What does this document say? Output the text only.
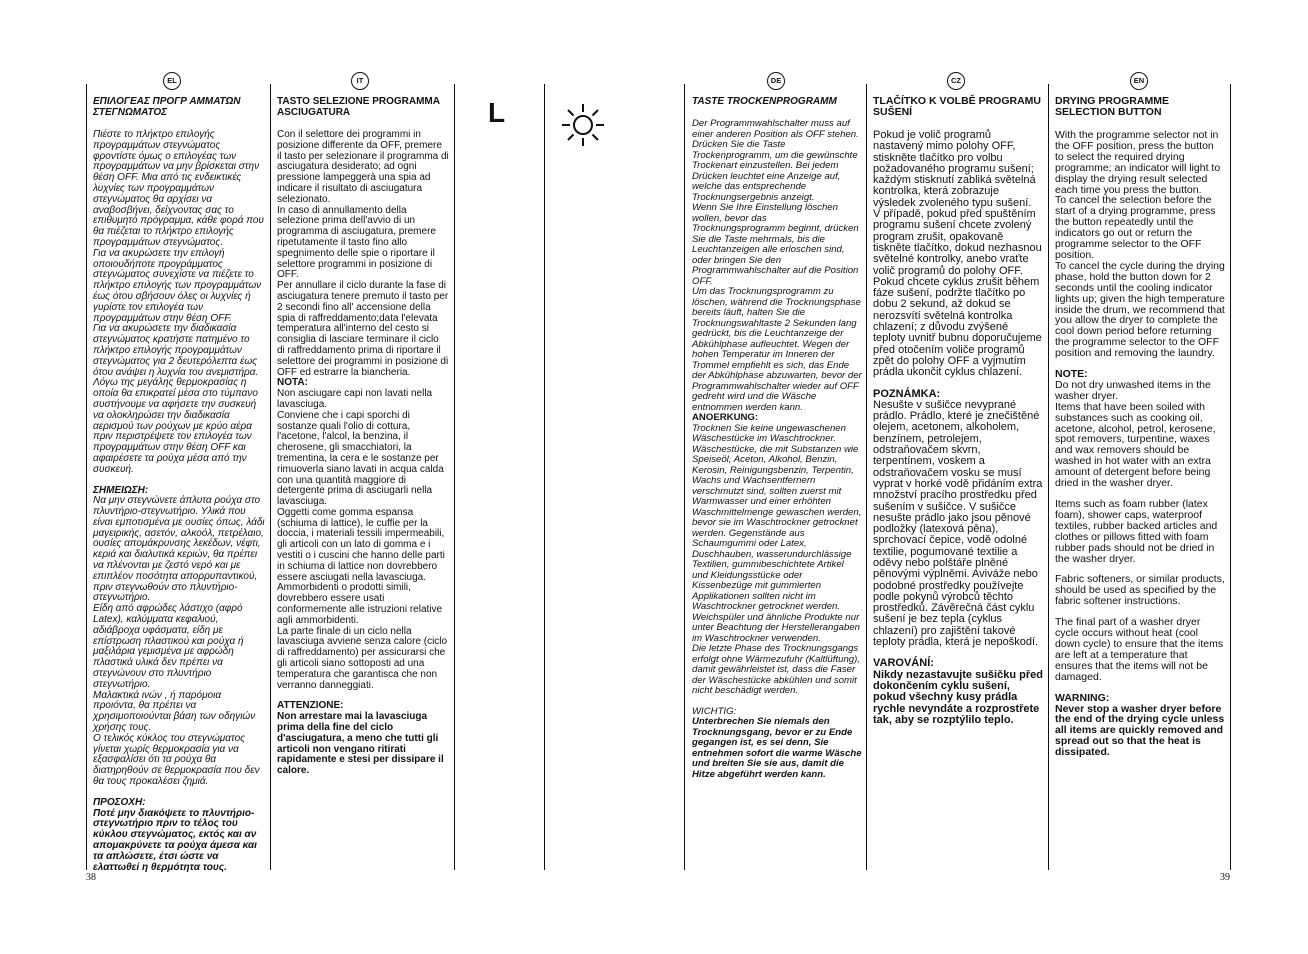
L
38	39
EL

ΕΠΙΛΟΓΕΑΣ ΠΡΟΓΡ ΑΜΜΑΤΩΝ ΣΤΕΓΝΩΜΑΤΟΣ

Πιέστε το πλήκτρο επιλογής προγραμμάτων στεγνώματος φροντίστε όμως ο επιλογέας των προγραμμάτων να μην βρίσκεται στην θέση OFF. Μια από τις ενδεικτικές λυχνίες των προγραμμάτων στεγνώματος θα αρχίσει να αναβοσβήνει, δείχνοντας σας το επιθυμητό πρόγραμμα, κάθε φορά που θα πιέζεται το πλήκτρο επιλογής προγραμμάτων στεγνώματος.
Για να ακυρώσετε την επιλογή οποιουδήποτε προγράμματος στεγνώματος συνεχίστε να πιέζετε το πλήκτρο επιλογής των προγραμμάτων έως ότου σβήσουν όλες οι λυχνίες ή γυρίστε τον επιλογέα των προγραμμάτων στην θέση OFF.
Για να ακυρώσετε την διαδικασία στεγνώματος κρατήστε πατημένο το πλήκτρο επιλογής προγραμμάτων στεγνώματος για 2 δευτερόλεπτα έως ότου ανάψει η λυχνία του ανεμιστήρα. Λόγω της μεγάλης θερμοκρασίας η οποία θα επικρατεί μέσα στο τύμπανο συστήνουμε να αφήσετε την συσκευή να ολοκληρώσει την διαδικασία αερισμού των ρούχων με κρύο αέρα πριν περιστρέψετε τον επιλογέα των προγραμμάτων στην θέση OFF και αφαιρέσετε τα ρούχα μέσα από την συσκευή.

ΣΗΜΕΙΩΣΗ:

Να μην στεγνώνετε άπλυτα ρούχα στο πλυντήριο-στεγνωτήριο. Υλικά που είναι εμποτισμένα με ουσίες όπως, λάδι μαγειρικής, ασετόν, αλκοόλ, πετρέλαιο, ουσίες απομάκρυνσης λεκέδων, νέφτι, κεριά και διαλυτικά κεριών, θα πρέπει να πλένονται με ζεστό νερό και με επιπλέον ποσότητα απορρυπαντικού, πριν στεγνωθούν στο πλυντήριο-στεγνωτήριο.
Είδη από αφρώδες λάστιχο (αφρό Latex), καλύμματα κεφαλιού, αδιάβροχα υφάσματα, είδη με επίστρωση πλαστικού και ρούχα ή μαξιλάρια γεμισμένα με αφρώδη πλαστικά υλικά δεν πρέπει να στεγνώνουν στο πλυντήριο στεγνωτήριο.
Μαλακτικά ινών , ή παρόμοια προιόντα, θα πρέπει να χρησιμοποιούνται βάση των οδηγιών χρήσης τους.
Ο τελικός κύκλος του στεγνώματος γίνεται χωρίς θερμοκρασία για να εξασφαλίσει ότι τα ρούχα θα διατηρηθούν σε θερμοκρασία που δεν θα τους προκαλέσει ζημιά.

ΠΡΟΣΟΧΗ:

Ποτέ μην διακόψετε το πλυντήριο-στεγνωτήριο πριν το τέλος του κύκλου στεγνώματος, εκτός και αν απομακρύνετε τα ρούχα άμεσα και τα απλώσετε, έτσι ώστε να ελαττωθεί η θερμότητα τους.

IT

TASTO SELEZIONE PROGRAMMA ASCIUGATURA

Con il selettore dei programmi in posizione differente da OFF, premere il tasto per selezionare il programma di asciugatura desiderato; ad ogni pressione lampeggerà una spia ad indicare il risultato di asciugatura selezionato.
In caso di annullamento della selezione prima dell'avvio di un programma di asciugatura, premere ripetutamente il tasto fino allo spegnimento delle spie o riportare il selettore programmi in posizione di OFF.
Per annullare il ciclo durante la fase di asciugatura tenere premuto il tasto per 2 secondi fino all' accensione della spia di raffreddamento;data l'elevata temperatura all'interno del cesto si consiglia di lasciare terminare il ciclo di raffreddamento prima di riportare il selettore dei programmi in posizione di OFF ed estrarre la biancheria.

NOTA:

Non asciugare capi non lavati nella lavasciuga.
Conviene che i capi sporchi di sostanze quali l'olio di cottura, l'acetone, l'alcol, la benzina, il cherosene, gli smacchiatori, la trementina, la cera e le sostanze per rimuoverla siano lavati in acqua calda con una quantità maggiore di detergente prima di asciugarli nella lavasciuga.
Oggetti come gomma espansa (schiuma di lattice), le cuffie per la doccia, i materiali tessili impermeabili, gli articoli con un lato di gomma e i vestiti o i cuscini che hanno delle parti in schiuma di lattice non dovrebbero essere asciugati nella lavasciuga.
Ammorbidenti o prodotti simili, dovrebbero essere usati conformemente alle istruzioni relative agli ammorbidenti.
La parte finale di un ciclo nella lavasciuga avviene senza calore (ciclo di raffreddamento) per assicurarsi che gli articoli siano sottoposti ad una temperatura che garantisca che non verranno danneggiati.

ATTENZIONE:

Non arrestare mai la lavasciuga prima della fine del ciclo d'asciugatura, a meno che tutti gli articoli non vengano ritirati rapidamente e stesi per dissipare il calore.

DE

TASTE TROCKENPROGRAMM

Der Programmwahlschalter muss auf einer anderen Position als OFF stehen. Drücken Sie die Taste Trockenprogramm, um die gewünschte Trockenart einzustellen. Bei jedem Drücken leuchtet eine Anzeige auf, welche das entsprechende Trocknungsergebnis anzeigt.
Wenn Sie Ihre Einstellung löschen wollen, bevor das Trocknungsprogramm beginnt, drücken Sie die Taste mehrmals, bis die Leuchtanzeigen alle erloschen sind, oder bringen Sie den Programmwahlschalter auf die Position OFF.
Um das Trocknungsprogramm zu löschen, während die Trocknungsphase bereits läuft, halten Sie die Trocknungswahltaste 2 Sekunden lang gedrückt, bis die Leuchtanzeige der Abkühlphase aufleuchtet. Wegen der hohen Temperatur im Inneren der Trommel empfiehlt es sich, das Ende der Abkühlphase abzuwarten, bevor der Programmwahlschalter wieder auf OFF gedreht wird und die Wäsche entnommen werden kann.

ANOERKUNG:

Trocknen Sie keine ungewaschenen Wäschestücke im Waschtrockner.
Wäschestücke, die mit Substanzen wie Speiseöl, Aceton, Alkohol, Benzin, Kerosin, Reinigungsbenzin, Terpentin, Wachs und Wachsentfernern verschmutzt sind, sollten zuerst mit Warmwasser und einer erhöhten Waschmittelmenge gewaschen werden, bevor sie im Waschtrockner getrocknet werden. Gegenstände aus Schaumgummi oder Latex, Duschhauben, wasserundurchlässige Textilien, gummibeschichtete Artikel und Kleidungsstücke oder Kissenbezüge mit gummierten Applikationen sollten nicht im Waschtrockner getrocknet werden. Weichspüler und ähnliche Produkte nur unter Beachtung der Herstellerangaben im Waschtrockner verwenden.
Die letzte Phase des Trocknungsgangs erfolgt ohne Wärmezufuhr (Kaltlüftung), damit gewährleistet ist, dass die Faser der Wäschestücke abkühlen und somit nicht beschädigt werden.

WICHTIG:

Unterbrechen Sie niemals den Trocknungsgang, bevor er zu Ende gegangen ist, es sei denn, Sie entnehmen sofort die warme Wäsche und breiten Sie sie aus, damit die Hitze abgeführt werden kann.

CZ

TLAČÍTKO K VOLBĚ PROGRAMU SUŠENÍ

Pokud je volič programů nastavený mimo polohy OFF, stiskněte tlačítko pro volbu požadovaného programu sušení; každým stisknutí zabliká světelná kontrolka, která zobrazuje výsledek zvoleného typu sušení.
V případě, pokud před spuštěním programu sušení chcete zvolený program zrušit, opakovaně tiskněte tlačítko, dokud nezhasnou světelné kontrolky, anebo vraťte volič programů do polohy OFF.
Pokud chcete cyklus zrušit během fáze sušení, podržte tlačítko po dobu 2 sekund, až dokud se nerozsvítí světelná kontrolka chlazení; z důvodu zvýšené teploty uvnitř bubnu doporučujeme před otočením voliče programů zpět do polohy OFF a vyjmutím prádla ukončit cyklus chlazení.

POZNÁMKA:

Nesušte v sušičce nevyprané prádlo. Prádlo, které je znečištěné olejem, acetonem, alkoholem, benzínem, petrolejem, odstraňovačem skvrn, terpentínem, voskem a odstraňovačem vosku se musí vyprat v horké vodě přidáním extra množství pracího prostředku před sušením v sušičce. V sušičce nesušte prádlo jako jsou pěnové podložky (latexová pěna), sprchovací čepice, vodě odolné textilie, pogumované textilie a oděvy nebo polštáře plněné pěnovými výplněmi. Aviváže nebo podobné prostředky používejte podle pokynů výrobců těchto prostředků. Závěrečná část cyklu sušení je bez tepla (cyklus chlazení) pro zajištění takové teploty prádla, která je nepoškodí.

VAROVÁNÍ:

Nikdy nezastavujte sušičku před dokončením cyklu sušení, pokud všechny kusy prádla rychle nevyndáte a rozprostřete tak, aby se rozptýlilo teplo.

EN

DRYING PROGRAMME SELECTION BUTTON

With the programme selector not in the OFF position, press the button to select the required drying programme; an indicator will light to display the drying result selected each time you press the button.
To cancel the selection before the start of a drying programme, press the button repeatedly until the indicators go out or return the programme selector to the OFF position.
To cancel the cycle during the drying phase, hold the button down for 2 seconds until the cooling indicator lights up; given the high temperature inside the drum, we recommend that you allow the dryer to complete the cool down period before returning the programme selector to the OFF position and removing the laundry.

NOTE:

Do not dry unwashed items in the washer dryer.
Items that have been soiled with substances such as cooking oil, acetone, alcohol, petrol, kerosene, spot removers, turpentine, waxes and wax removers should be washed in hot water with an extra amount of detergent before being dried in the washer dryer.

Items such as foam rubber (latex foam), shower caps, waterproof textiles, rubber backed articles and clothes or pillows fitted with foam rubber pads should not be dried in the washer dryer.

Fabric softeners, or similar products, should be used as specified by the fabric softener instructions.

The final part of a washer dryer cycle occurs without heat (cool down cycle) to ensure that the items are left at a temperature that ensures that the items will not be damaged.

WARNING:

Never stop a washer dryer before the end of the drying cycle unless all items are quickly removed and spread out so that the heat is dissipated.
